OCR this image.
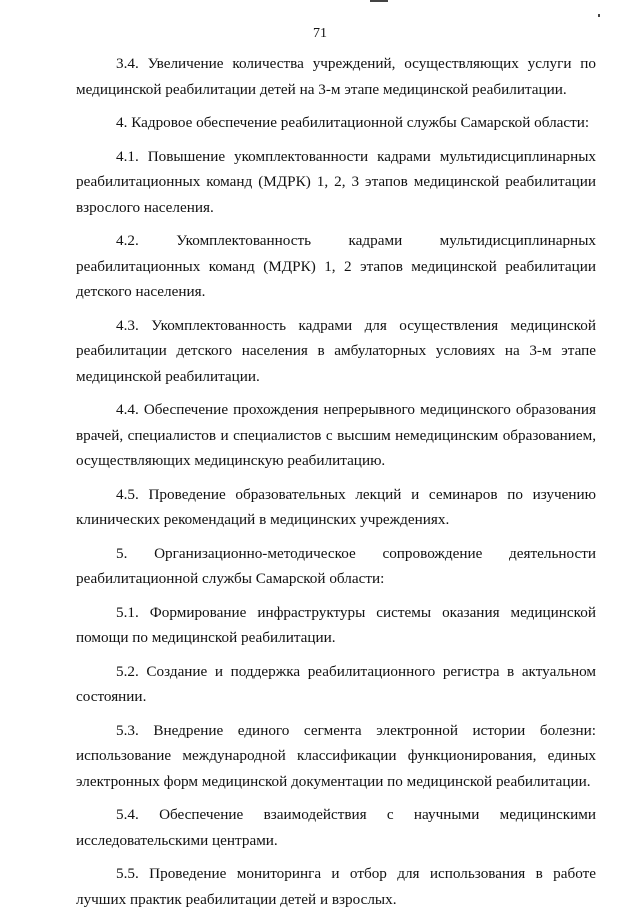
71

3.4. Увеличение количества учреждений, осуществляющих услуги по медицинской реабилитации детей на 3-м этапе медицинской реабилитации.

4. Кадровое обеспечение реабилитационной службы Самарской области:

4.1. Повышение укомплектованности кадрами мультидисциплинарных реабилитационных команд (МДРК) 1, 2, 3 этапов медицинской реабилитации взрослого населения.

4.2. Укомплектованность кадрами мультидисциплинарных реабилитационных команд (МДРК) 1, 2 этапов медицинской реабилитации детского населения.

4.3. Укомплектованность кадрами для осуществления медицинской реабилитации детского населения в амбулаторных условиях на 3-м этапе медицинской реабилитации.

4.4. Обеспечение прохождения непрерывного медицинского образования врачей, специалистов и специалистов с высшим немедицинским образованием, осуществляющих медицинскую реабилитацию.

4.5. Проведение образовательных лекций и семинаров по изучению клинических рекомендаций в медицинских учреждениях.

5. Организационно-методическое сопровождение деятельности реабилитационной службы Самарской области:

5.1. Формирование инфраструктуры системы оказания медицинской помощи по медицинской реабилитации.

5.2. Создание и поддержка реабилитационного регистра в актуальном состоянии.

5.3. Внедрение единого сегмента электронной истории болезни: использование международной классификации функционирования, единых электронных форм медицинской документации по медицинской реабилитации.

5.4. Обеспечение взаимодействия с научными медицинскими исследовательскими центрами.

5.5. Проведение мониторинга и отбор для использования в работе лучших практик реабилитации детей и взрослых.
